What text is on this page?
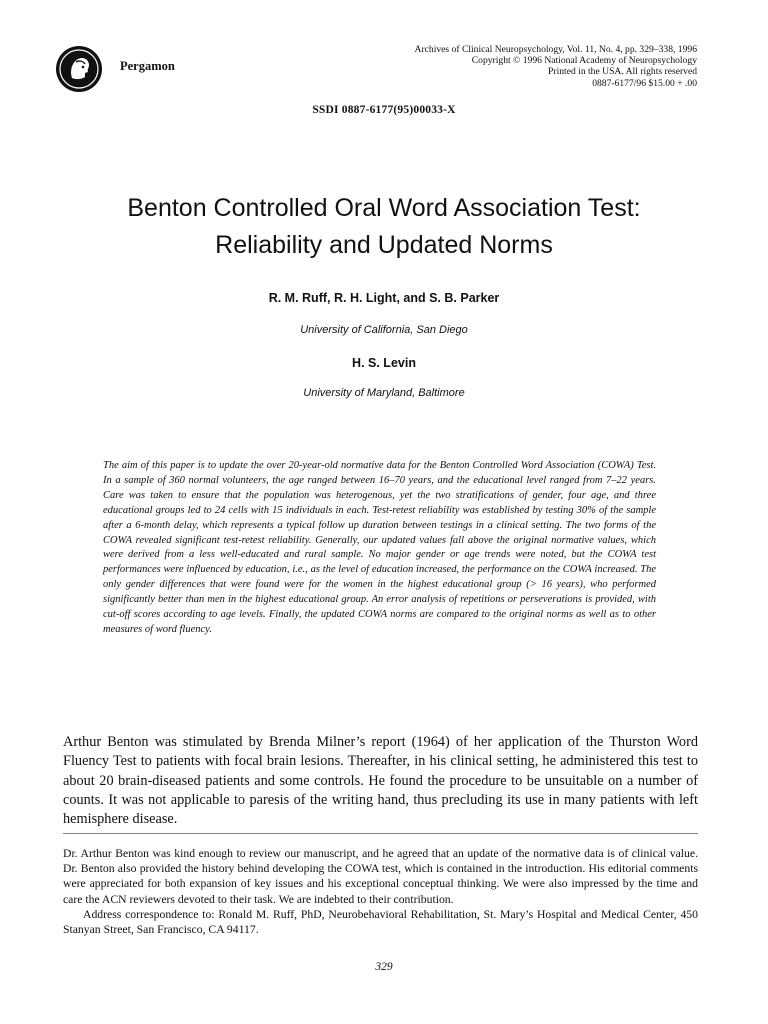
Pergamon
Archives of Clinical Neuropsychology, Vol. 11, No. 4, pp. 329–338, 1996
Copyright © 1996 National Academy of Neuropsychology
Printed in the USA. All rights reserved
0887-6177/96 $15.00 + .00
SSDI 0887-6177(95)00033-X
Benton Controlled Oral Word Association Test:
Reliability and Updated Norms
R. M. Ruff, R. H. Light, and S. B. Parker
University of California, San Diego
H. S. Levin
University of Maryland, Baltimore
The aim of this paper is to update the over 20-year-old normative data for the Benton Controlled Word Association (COWA) Test. In a sample of 360 normal volunteers, the age ranged between 16–70 years, and the educational level ranged from 7–22 years. Care was taken to ensure that the population was heterogenous, yet the two stratifications of gender, four age, and three educational groups led to 24 cells with 15 individuals in each. Test-retest reliability was established by testing 30% of the sample after a 6-month delay, which represents a typical follow up duration between testings in a clinical setting. The two forms of the COWA revealed significant test-retest reliability. Generally, our updated values fall above the original normative values, which were derived from a less well-educated and rural sample. No major gender or age trends were noted, but the COWA test performances were influenced by education, i.e., as the level of education increased, the performance on the COWA increased. The only gender differences that were found were for the women in the highest educational group (> 16 years), who performed significantly better than men in the highest educational group. An error analysis of repetitions or perseverations is provided, with cut-off scores according to age levels. Finally, the updated COWA norms are compared to the original norms as well as to other measures of word fluency.
Arthur Benton was stimulated by Brenda Milner’s report (1964) of her application of the Thurston Word Fluency Test to patients with focal brain lesions. Thereafter, in his clinical setting, he administered this test to about 20 brain-diseased patients and some controls. He found the procedure to be unsuitable on a number of counts. It was not applicable to paresis of the writing hand, thus precluding its use in many patients with left hemisphere disease.

Dr. Arthur Benton was kind enough to review our manuscript, and he agreed that an update of the normative data is of clinical value. Dr. Benton also provided the history behind developing the COWA test, which is contained in the introduction. His editorial comments were appreciated for both expansion of key issues and his exceptional conceptual thinking. We were also impressed by the time and care the ACN reviewers devoted to their task. We are indebted to their contribution.

Address correspondence to: Ronald M. Ruff, PhD, Neurobehavioral Rehabilitation, St. Mary’s Hospital and Medical Center, 450 Stanyan Street, San Francisco, CA 94117.

329
